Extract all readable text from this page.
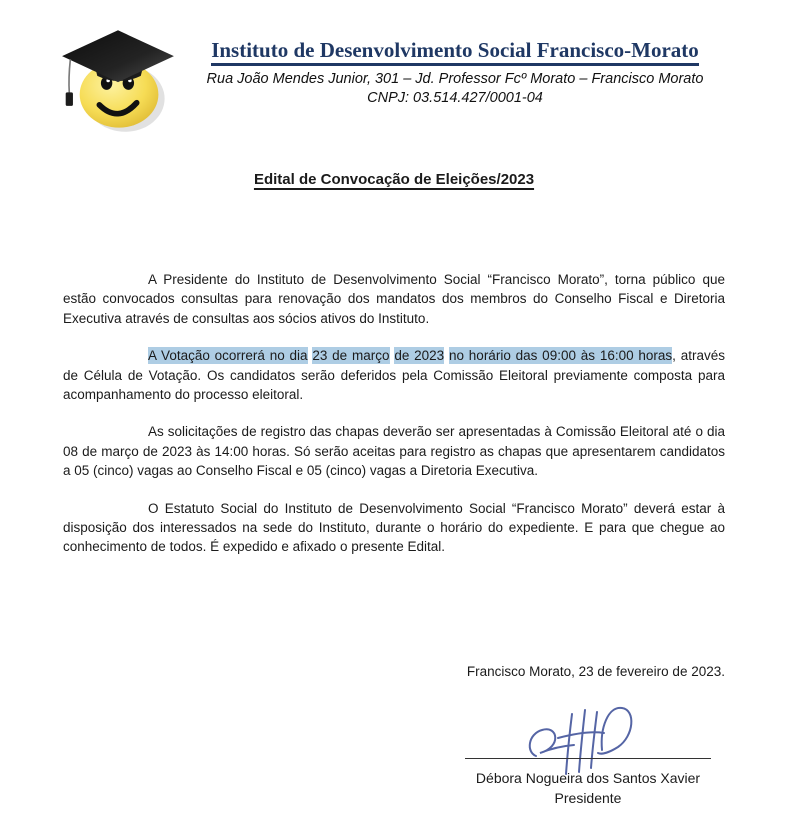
Instituto de Desenvolvimento Social Francisco-Morato
Rua João Mendes Junior, 301 – Jd. Professor Fcº Morato – Francisco Morato
CNPJ: 03.514.427/0001-04
Edital de Convocação de Eleições/2023

A Presidente do Instituto de Desenvolvimento Social “Francisco Morato”, torna público que estão convocados consultas para renovação dos mandatos dos membros do Conselho Fiscal e Diretoria Executiva através de consultas aos sócios ativos do Instituto.

A Votação ocorrerá no dia 23 de março de 2023 no horário das 09:00 às 16:00 horas, através de Célula de Votação. Os candidatos serão deferidos pela Comissão Eleitoral previamente composta para acompanhamento do processo eleitoral.

As solicitações de registro das chapas deverão ser apresentadas à Comissão Eleitoral até o dia 08 de março de 2023 às 14:00 horas. Só serão aceitas para registro as chapas que apresentarem candidatos a 05 (cinco) vagas ao Conselho Fiscal e 05 (cinco) vagas a Diretoria Executiva.

O Estatuto Social do Instituto de Desenvolvimento Social “Francisco Morato” deverá estar à disposição dos interessados na sede do Instituto, durante o horário do expediente. E para que chegue ao conhecimento de todos. É expedido e afixado o presente Edital.

Francisco Morato, 23 de fevereiro de 2023.
Débora Nogueira dos Santos Xavier
Presidente
